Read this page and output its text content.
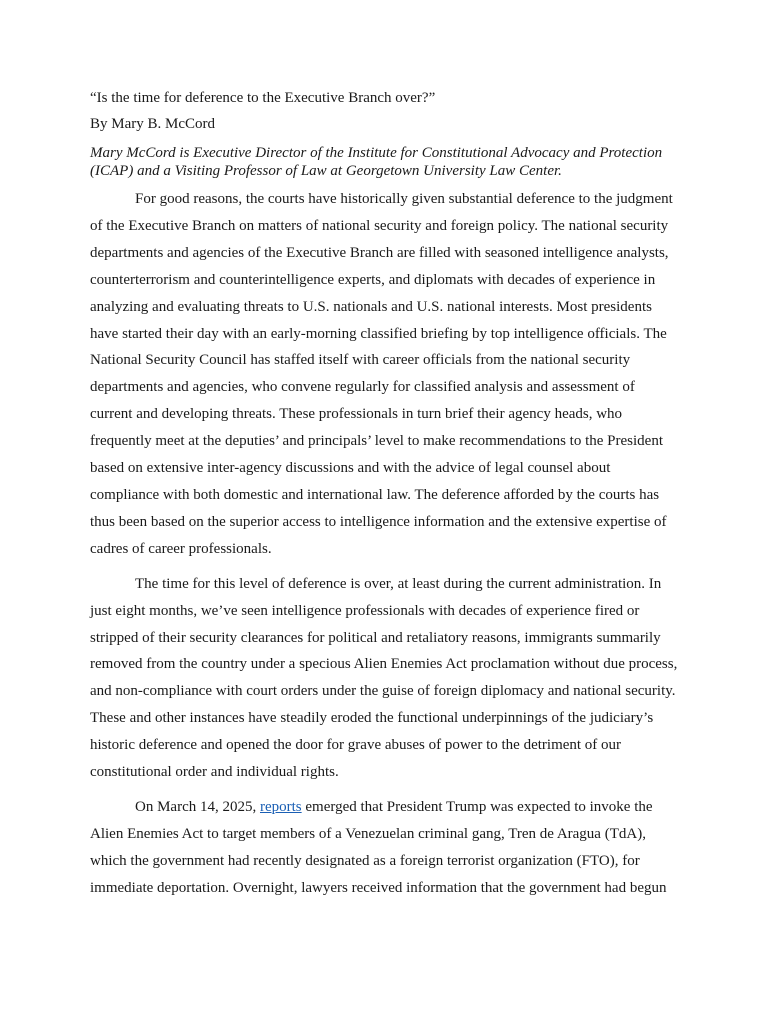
“Is the time for deference to the Executive Branch over?”

By Mary B. McCord

Mary McCord is Executive Director of the Institute for Constitutional Advocacy and Protection (ICAP) and a Visiting Professor of Law at Georgetown University Law Center.

For good reasons, the courts have historically given substantial deference to the judgment of the Executive Branch on matters of national security and foreign policy. The national security departments and agencies of the Executive Branch are filled with seasoned intelligence analysts, counterterrorism and counterintelligence experts, and diplomats with decades of experience in analyzing and evaluating threats to U.S. nationals and U.S. national interests. Most presidents have started their day with an early-morning classified briefing by top intelligence officials. The National Security Council has staffed itself with career officials from the national security departments and agencies, who convene regularly for classified analysis and assessment of current and developing threats. These professionals in turn brief their agency heads, who frequently meet at the deputies’ and principals’ level to make recommendations to the President based on extensive inter-agency discussions and with the advice of legal counsel about compliance with both domestic and international law. The deference afforded by the courts has thus been based on the superior access to intelligence information and the extensive expertise of cadres of career professionals.

The time for this level of deference is over, at least during the current administration. In just eight months, we’ve seen intelligence professionals with decades of experience fired or stripped of their security clearances for political and retaliatory reasons, immigrants summarily removed from the country under a specious Alien Enemies Act proclamation without due process, and non-compliance with court orders under the guise of foreign diplomacy and national security. These and other instances have steadily eroded the functional underpinnings of the judiciary’s historic deference and opened the door for grave abuses of power to the detriment of our constitutional order and individual rights.

On March 14, 2025, reports emerged that President Trump was expected to invoke the Alien Enemies Act to target members of a Venezuelan criminal gang, Tren de Aragua (TdA), which the government had recently designated as a foreign terrorist organization (FTO), for immediate deportation. Overnight, lawyers received information that the government had begun
